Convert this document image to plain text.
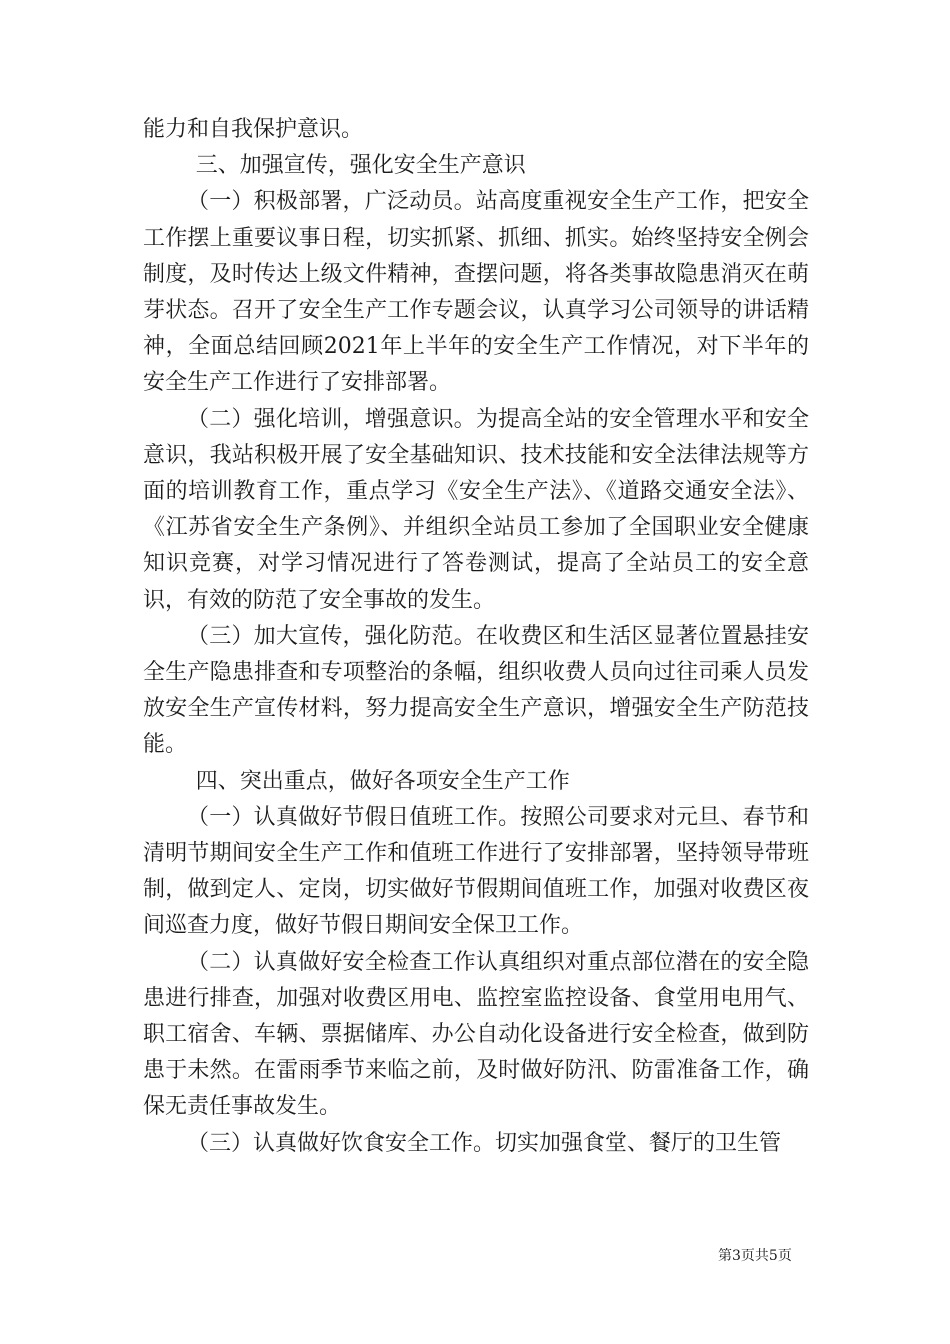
能力和自我保护意识。

三、加强宣传，强化安全生产意识

（一）积极部署，广泛动员。站高度重视安全生产工作，把安全工作摆上重要议事日程，切实抓紧、抓细、抓实。始终坚持安全例会制度，及时传达上级文件精神，查摆问题，将各类事故隐患消灭在萌芽状态。召开了安全生产工作专题会议，认真学习公司领导的讲话精神，全面总结回顾2021年上半年的安全生产工作情况，对下半年的安全生产工作进行了安排部署。

（二）强化培训，增强意识。为提高全站的安全管理水平和安全意识，我站积极开展了安全基础知识、技术技能和安全法律法规等方面的培训教育工作，重点学习《安全生产法》、《道路交通安全法》、《江苏省安全生产条例》、并组织全站员工参加了全国职业安全健康知识竞赛，对学习情况进行了答卷测试，提高了全站员工的安全意识，有效的防范了安全事故的发生。

（三）加大宣传，强化防范。在收费区和生活区显著位置悬挂安全生产隐患排查和专项整治的条幅，组织收费人员向过往司乘人员发放安全生产宣传材料，努力提高安全生产意识，增强安全生产防范技能。

四、突出重点，做好各项安全生产工作

（一）认真做好节假日值班工作。按照公司要求对元旦、春节和清明节期间安全生产工作和值班工作进行了安排部署，坚持领导带班制，做到定人、定岗，切实做好节假期间值班工作，加强对收费区夜间巡查力度，做好节假日期间安全保卫工作。

（二）认真做好安全检查工作认真组织对重点部位潜在的安全隐患进行排查，加强对收费区用电、监控室监控设备、食堂用电用气、职工宿舍、车辆、票据储库、办公自动化设备进行安全检查，做到防患于未然。在雷雨季节来临之前，及时做好防汛、防雷准备工作，确保无责任事故发生。

（三）认真做好饮食安全工作。切实加强食堂、餐厅的卫生管

第3页共5页
